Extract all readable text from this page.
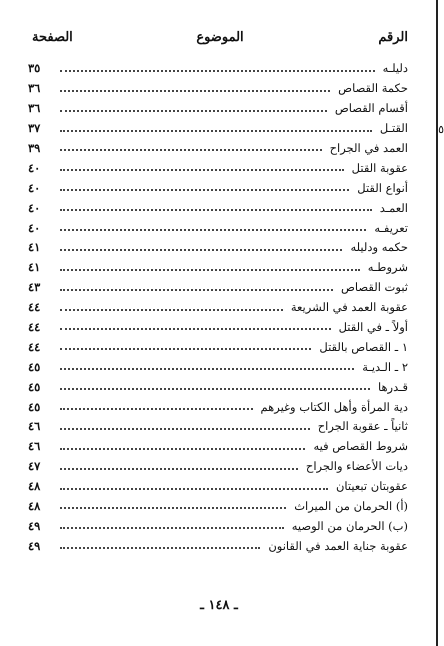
الرقم
الموضوع
الصفحة
دليلـه
٣٥
حكمة القصاص
٣٦
أقسام القصاص
٣٦
٥
القتـل
٣٧
العمد في الجراح
٣٩
عقوبة القتل
٤٠
أنواع القتل
٤٠
العمـد
٤٠
تعريفـه
٤٠
حكمه ودليله
٤١
شروطـه
٤١
ثبوت القصاص
٤٣
عقوبة العمد في الشريعة
٤٤
أولاً ـ في القتل
٤٤
١ ـ القصاص بالقتل
٤٤
٢ ـ الـديـة
٤٥
قـدرها
٤٥
دية المرأة وأهل الكتاب وغيرهم
٤٥
ثانياً ـ عقوبة الجراح
٤٦
شروط القصاص فيه
٤٦
ديات الأعضاء والجراح
٤٧
عقوبتان تبعيتان
٤٨
(أ) الحرمان من الميراث
٤٨
(ب) الحرمان من الوصيه
٤٩
عقوبة جناية العمد في القانون
٤٩
ـ ١٤٨ ـ
